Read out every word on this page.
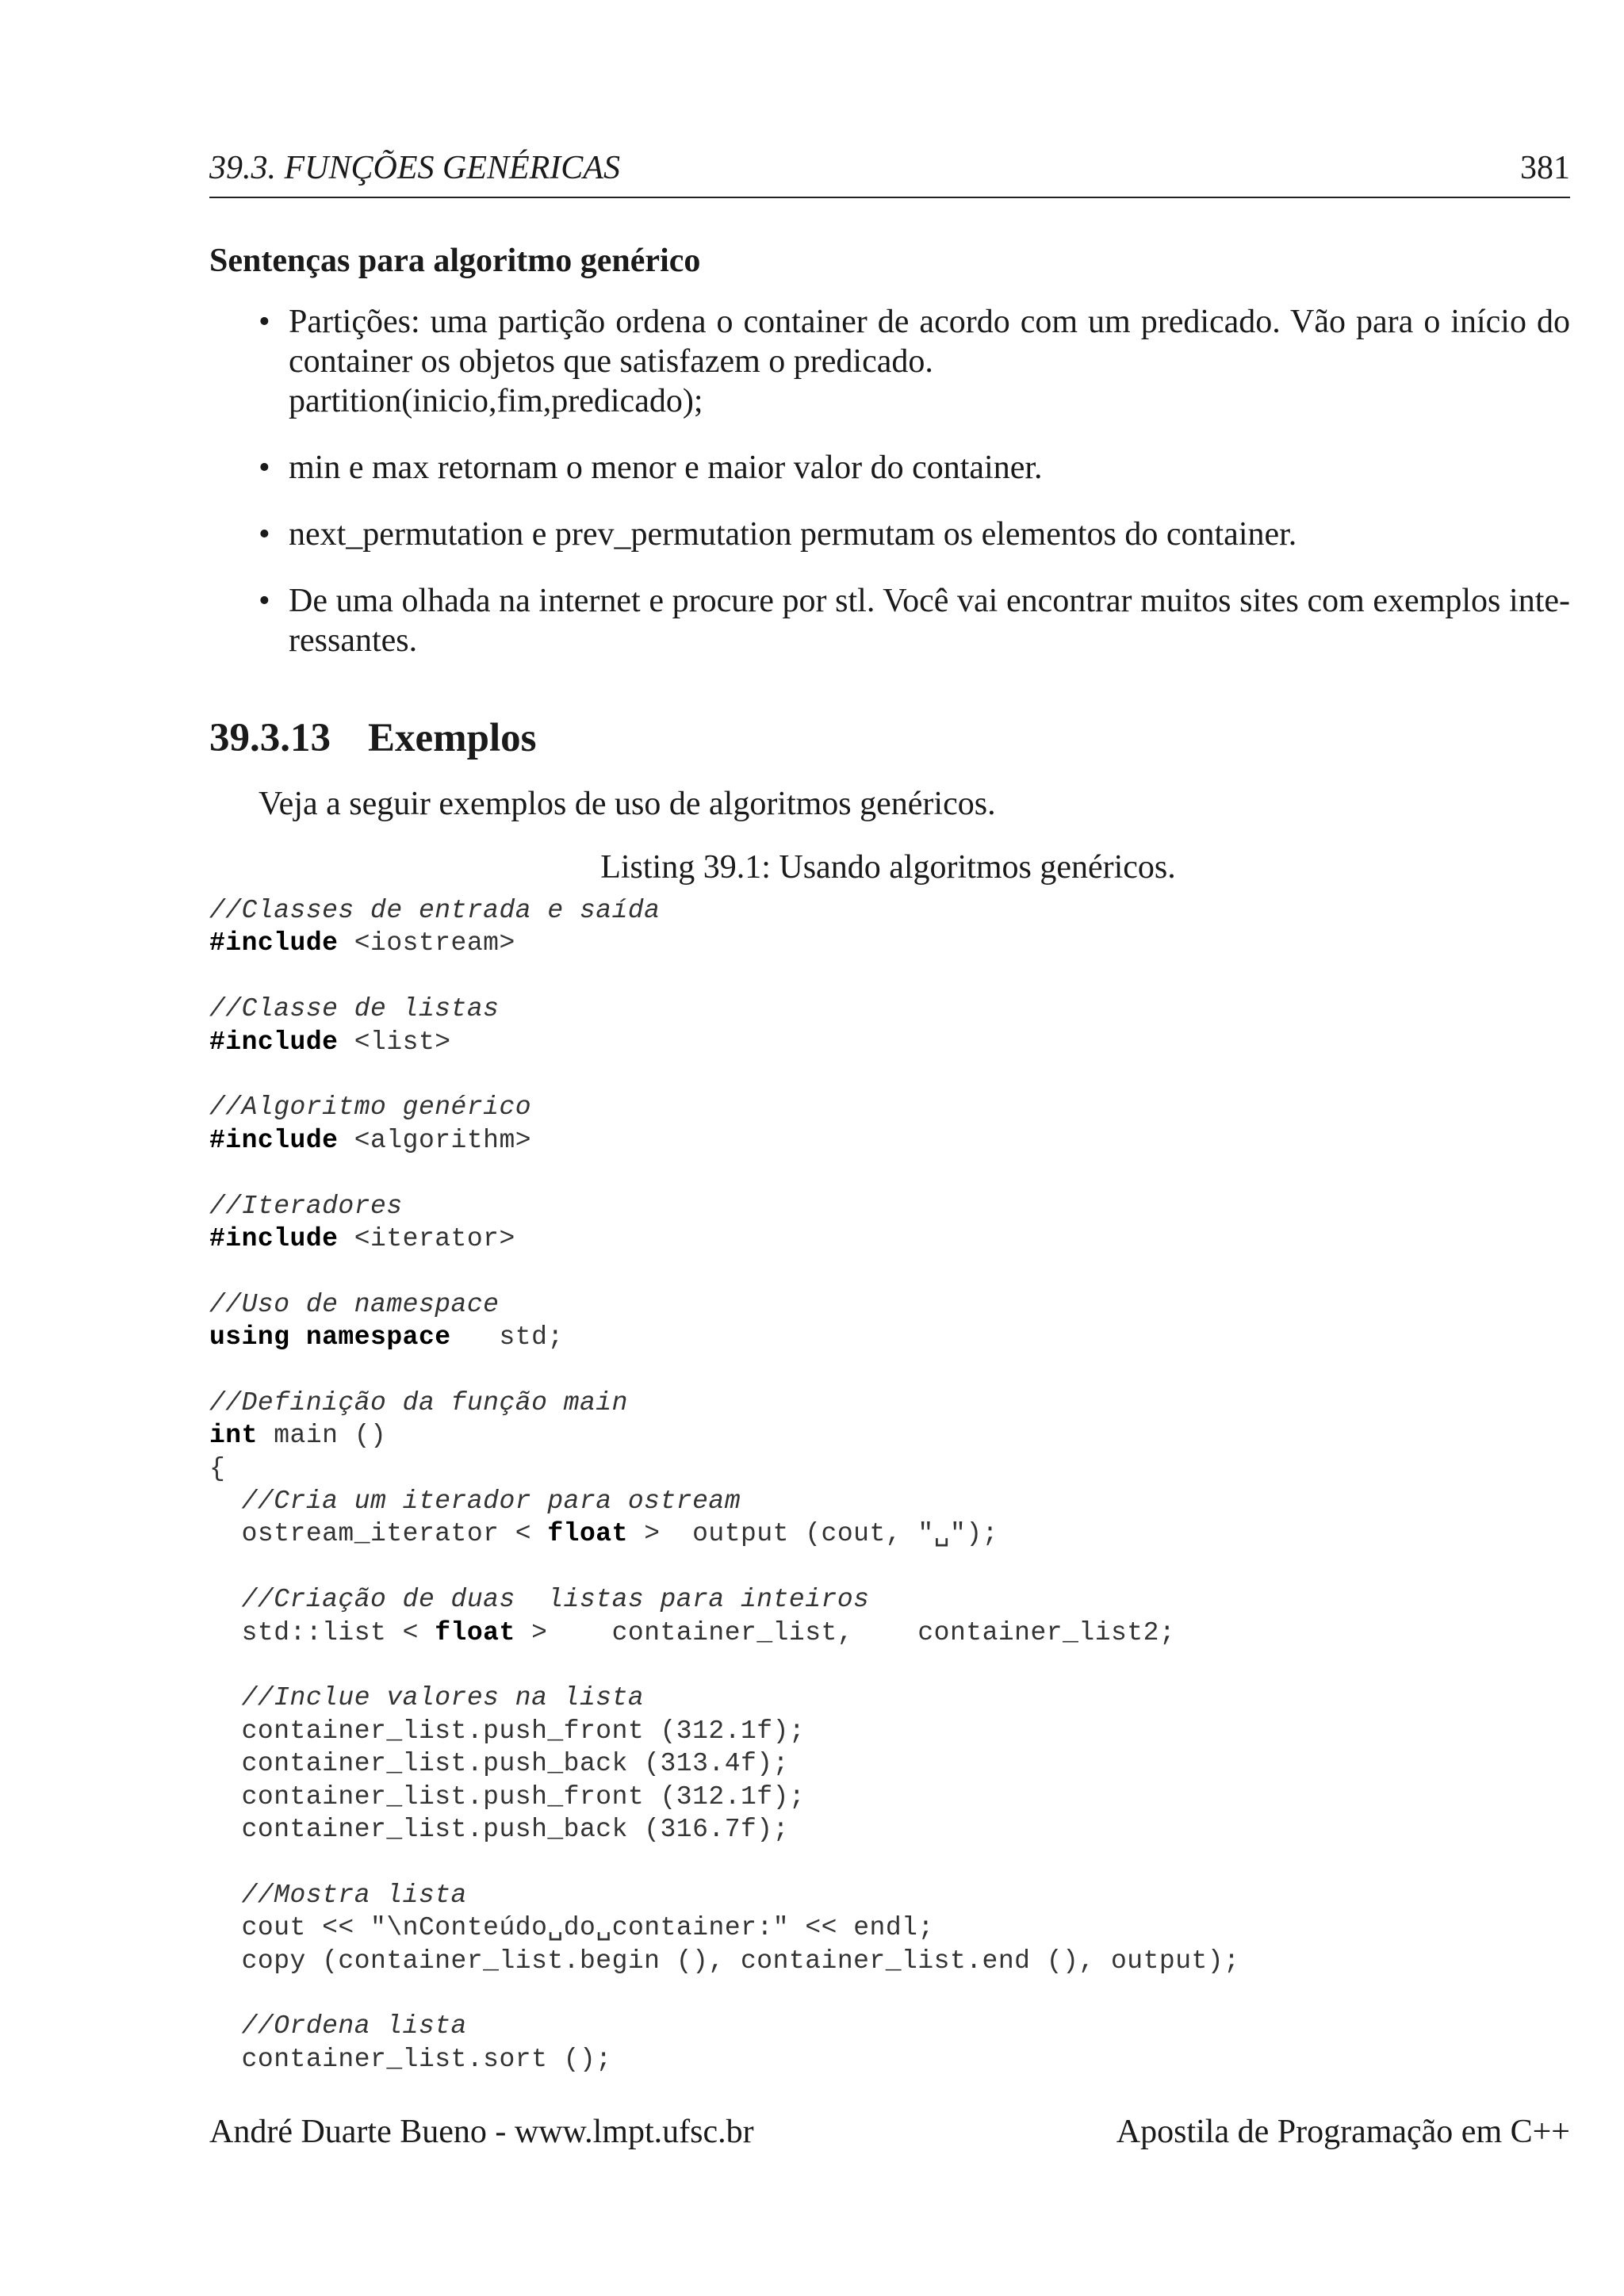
39.3. FUNÇÕES GENÉRICAS	381
Sentenças para algoritmo genérico
• Partições: uma partição ordena o container de acordo com um predicado. Vão para o início do
container os objetos que satisfazem o predicado.
partition(inicio,fim,predicado);
• min e max retornam o menor e maior valor do container.
• next_permutation e prev_permutation permutam os elementos do container.
• De uma olhada na internet e procure por stl. Você vai encontrar muitos sites com exemplos inte-
ressantes.
39.3.13 Exemplos
Veja a seguir exemplos de uso de algoritmos genéricos.
Listing 39.1: Usando algoritmos genéricos.
//Classes de entrada e saída
#include <iostream>

//Classe de listas
#include <list>

//Algoritmo genérico
#include <algorithm>

//Iteradores
#include <iterator>

//Uso de namespace
using namespace   std;

//Definição da função main
int main ()
{
//Cria um iterador para ostream
ostream_iterator < float >  output (cout, "␣");

//Criação de duas  listas para inteiros
std::list < float >    container_list,    container_list2;

//Inclue valores na lista
container_list.push_front (312.1f);
container_list.push_back (313.4f);
container_list.push_front (312.1f);
container_list.push_back (316.7f);

//Mostra lista
cout << "\nConteúdo␣do␣container:" << endl;
copy (container_list.begin (), container_list.end (), output);

//Ordena lista
container_list.sort ();
André Duarte Bueno - www.lmpt.ufsc.br	Apostila de Programação em C++
